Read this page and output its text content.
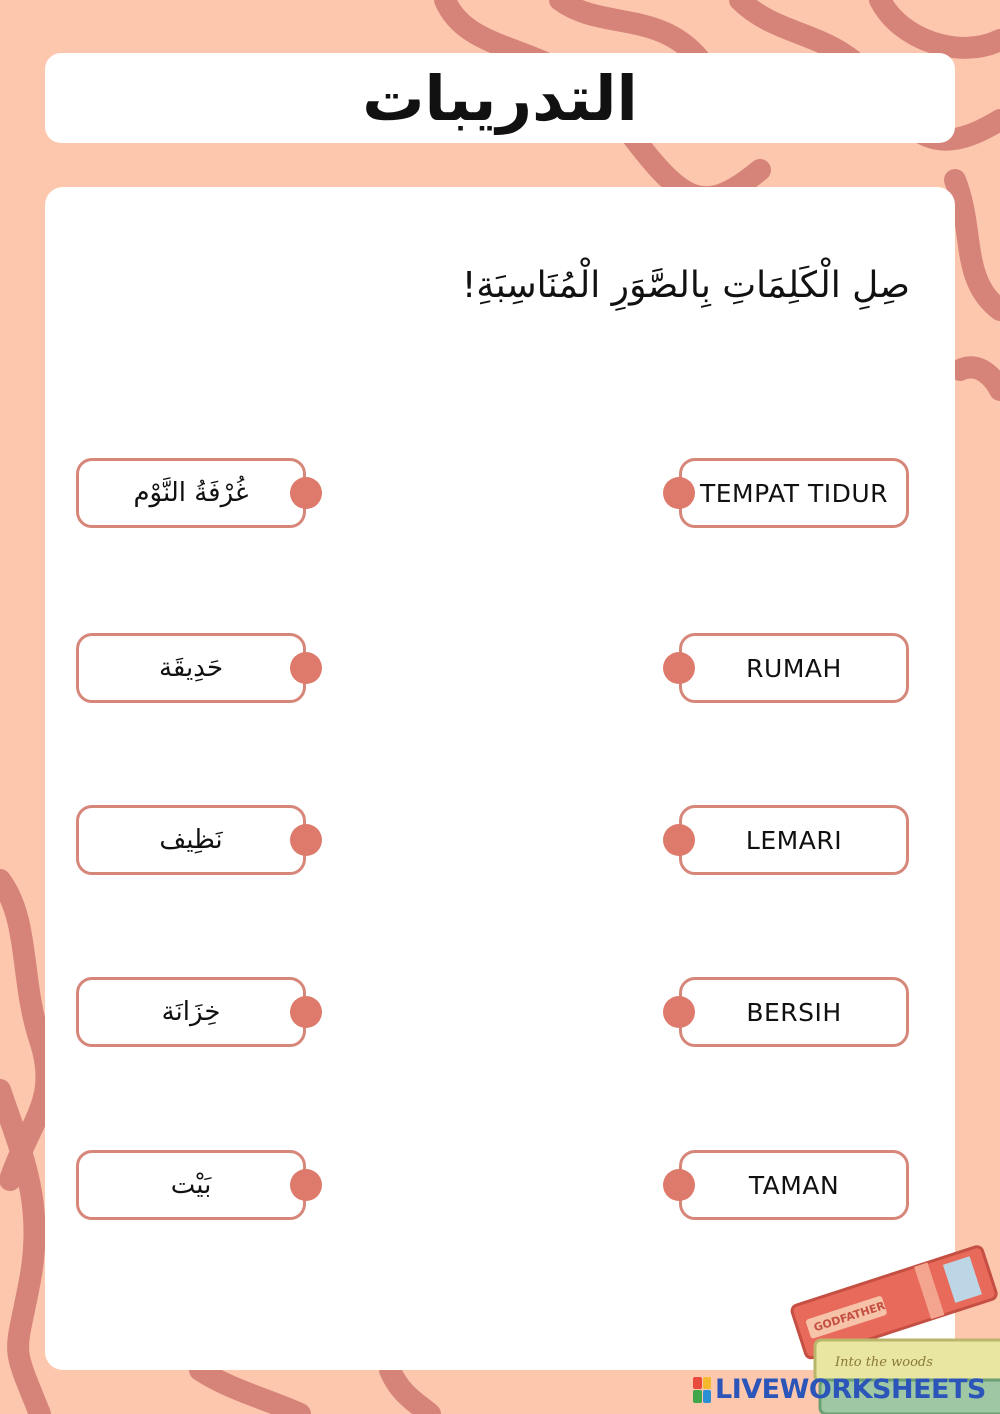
التدريبات
صِلِ الْكَلِمَاتِ بِالصَّوَرِ الْمُنَاسِبَةِ!
غُرْفَةُ النَّوْم
حَدِيقَة
نَظِيف
خِزَانَة
بَيْت
TEMPAT TIDUR
RUMAH
LEMARI
BERSIH
TAMAN
GODFATHER
Into the woods
LIVEWORKSHEETS
